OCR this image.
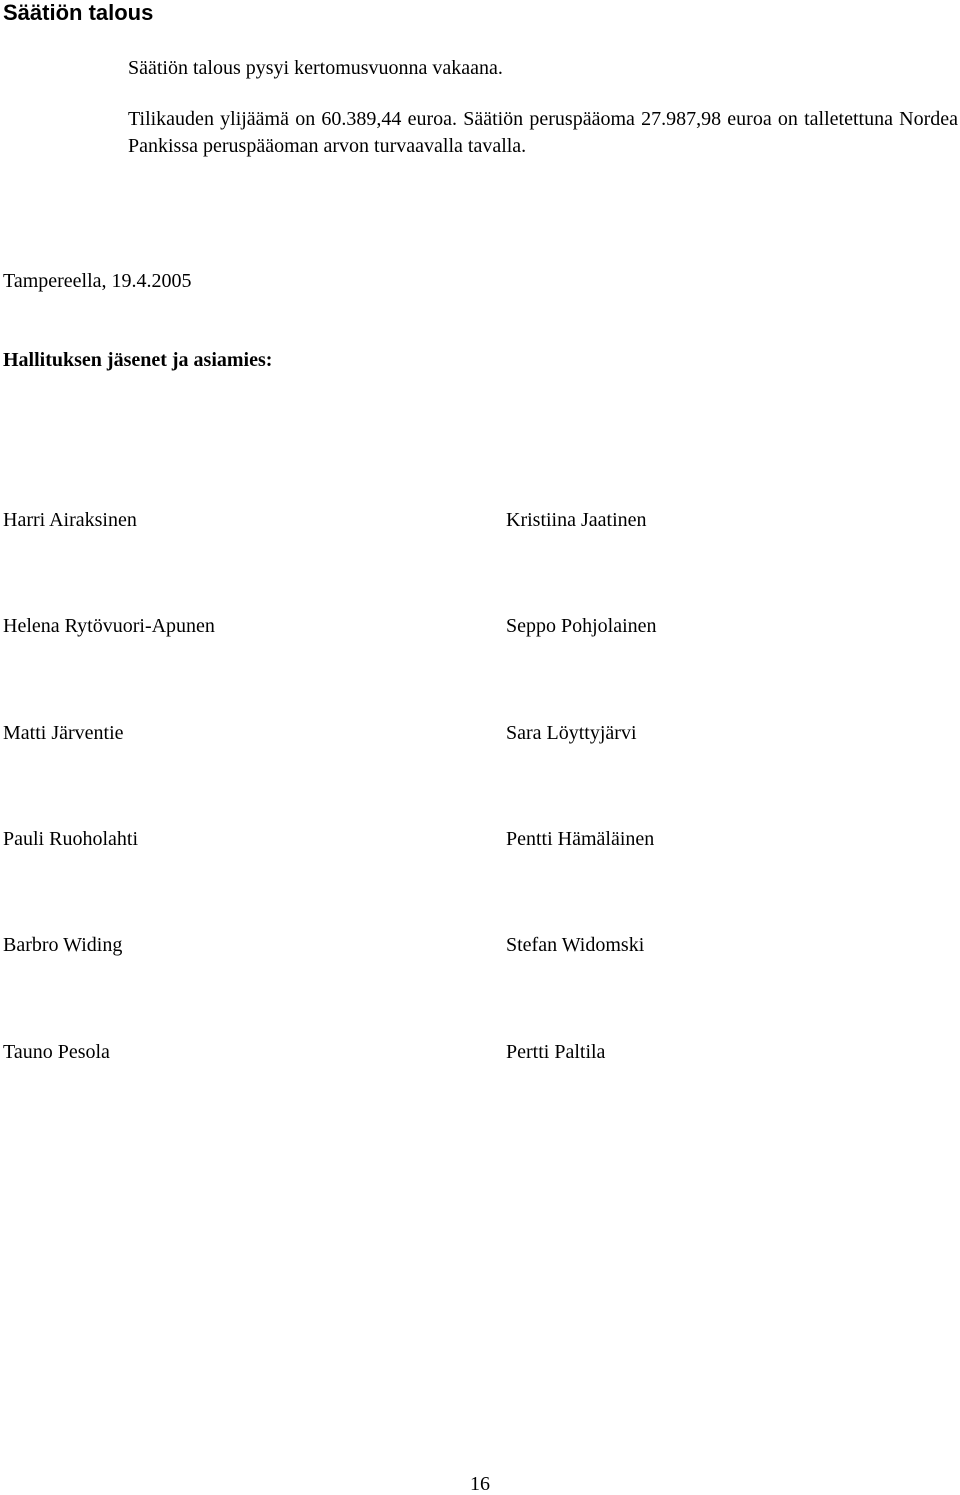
Säätiön talous
Säätiön talous pysyi kertomusvuonna vakaana.
Tilikauden ylijäämä on 60.389,44 euroa. Säätiön peruspääoma 27.987,98 euroa on talletettuna Nordea Pankissa peruspääoman arvon turvaavalla tavalla.
Tampereella, 19.4.2005
Hallituksen jäsenet ja asiamies:
Harri Airaksinen	Kristiina Jaatinen
Helena Rytövuori-Apunen	Seppo Pohjolainen
Matti Järventie	Sara Löyttyjärvi
Pauli Ruoholahti	Pentti Hämäläinen
Barbro Widing	Stefan Widomski
Tauno Pesola	Pertti Paltila
16
